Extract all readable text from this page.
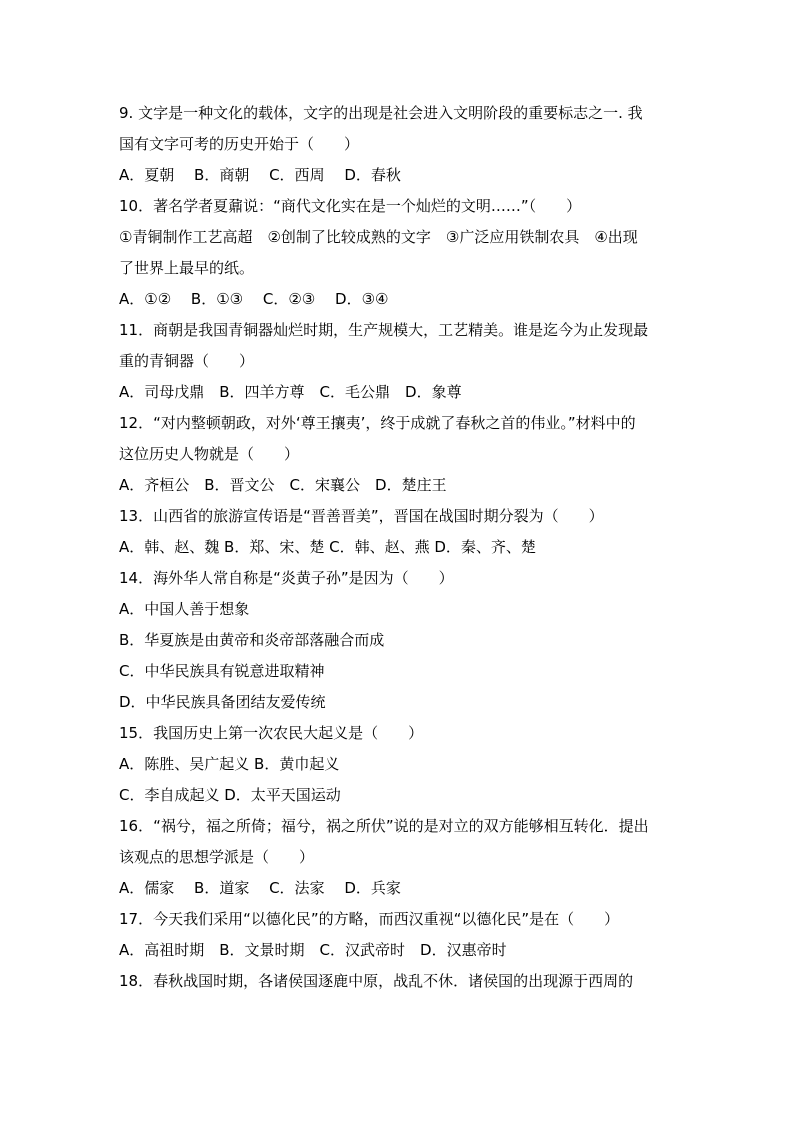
9. 文字是一种文化的载体，文字的出现是社会进入文明阶段的重要标志之一. 我
国有文字可考的历史开始于（　　）
A．夏朝　 B．商朝　 C．西周　 D．春秋
10．著名学者夏鼐说：“商代文化实在是一个灿烂的文明……”（　　）
①青铜制作工艺高超　②创制了比较成熟的文字　③广泛应用铁制农具　④出现
了世界上最早的纸。
A．①②　 B．①③　 C．②③　 D．③④
11．商朝是我国青铜器灿烂时期，生产规模大，工艺精美。谁是迄今为止发现最
重的青铜器（　　）
A．司母戊鼎　B．四羊方尊　C．毛公鼎　D．象尊
12．“对内整顿朝政，对外‘尊王攘夷’，终于成就了春秋之首的伟业。”材料中的
这位历史人物就是（　　）
A．齐桓公　B．晋文公　C．宋襄公　D．楚庄王
13．山西省的旅游宣传语是“晋善晋美”，晋国在战国时期分裂为（　　）
A．韩、赵、魏 B．郑、宋、楚 C．韩、赵、燕 D．秦、齐、楚
14．海外华人常自称是“炎黄子孙”是因为（　　）
A．中国人善于想象
B．华夏族是由黄帝和炎帝部落融合而成
C．中华民族具有锐意进取精神
D．中华民族具备团结友爱传统
15．我国历史上第一次农民大起义是（　　）
A．陈胜、吴广起义 B．黄巾起义
C．李自成起义 D．太平天国运动
16．“祸兮，福之所倚；福兮，祸之所伏”说的是对立的双方能够相互转化．提出
该观点的思想学派是（　　）
A．儒家　 B．道家　 C．法家　 D．兵家
17．今天我们采用“以德化民”的方略，而西汉重视“以德化民”是在（　　）
A．高祖时期　B．文景时期　C．汉武帝时　D．汉惠帝时
18．春秋战国时期，各诸侯国逐鹿中原，战乱不休．诸侯国的出现源于西周的
